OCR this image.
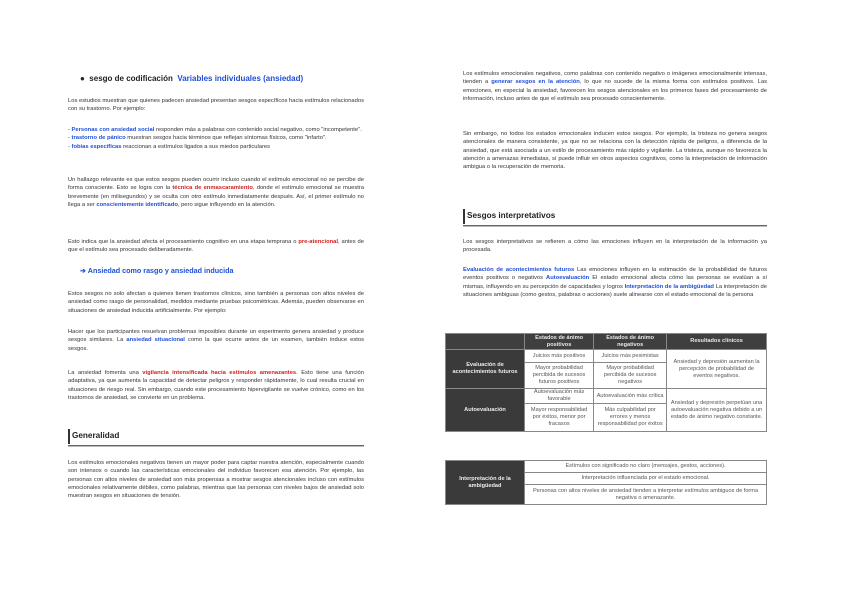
● sesgo de codificación Variables individuales (ansiedad)

Los estudios muestran que quienes padecen ansiedad presentan sesgos específicos hacia estímulos relacionados con su trastorno. Por ejemplo:

- Personas con ansiedad social responden más a palabras con contenido social negativo, como "incompetente".

- trastorno de pánico muestran sesgos hacia términos que reflejan síntomas físicos, como "infarto".

- fobias específicas reaccionan a estímulos ligados a sus miedos particulares

Un hallazgo relevante es que estos sesgos pueden ocurrir incluso cuando el estímulo emocional no se percibe de forma consciente. Esto se logra con la técnica de enmascaramiento, donde el estímulo emocional se muestra brevemente (en milisegundos) y se oculta con otro estímulo inmediatamente después. Así, el primer estímulo no llega a ser conscientemente identificado, pero sigue influyendo en la atención.

Esto indica que la ansiedad afecta el procesamiento cognitivo en una etapa temprana o pre-atencional, antes de que el estímulo sea procesado deliberadamente.

➔ Ansiedad como rasgo y ansiedad inducida

Estos sesgos no solo afectan a quienes tienen trastornos clínicos, sino también a personas con altos niveles de ansiedad como rasgo de personalidad, medidos mediante pruebas psicométricas. Además, pueden observarse en situaciones de ansiedad inducida artificialmente. Por ejemplo:

Hacer que los participantes resuelvan problemas imposibles durante un experimento genera ansiedad y produce sesgos similares. La ansiedad situacional como la que ocurre antes de un examen, también induce estos sesgos.

La ansiedad fomenta una vigilancia intensificada hacia estímulos amenazantes. Esto tiene una función adaptativa, ya que aumenta la capacidad de detectar peligros y responder rápidamente, lo cual resulta crucial en situaciones de riesgo real. Sin embargo, cuando este procesamiento hipervigilante se vuelve crónico, como en los trastornos de ansiedad, se convierte en un problema.

Generalidad

Los estímulos emocionales negativos tienen un mayor poder para captar nuestra atención, especialmente cuando son intensos o cuando las características emocionales del individuo favorecen esa atención. Por ejemplo, las personas con altos niveles de ansiedad son más propensas a mostrar sesgos atencionales incluso con estímulos emocionales relativamente débiles, como palabras, mientras que las personas con niveles bajos de ansiedad solo muestran sesgos en situaciones de tensión.

Los estímulos emocionales negativos, como palabras con contenido negativo o imágenes emocionalmente intensas, tienden a generar sesgos en la atención, lo que no sucede de la misma forma con estímulos positivos. Las emociones, en especial la ansiedad, favorecen los sesgos atencionales en los primeros fases del procesamiento de información, incluso antes de que el estímulo sea procesado conscientemente.

Sin embargo, no todos los estados emocionales inducen estos sesgos. Por ejemplo, la tristeza no genera sesgos atencionales de manera consistente, ya que no se relaciona con la detección rápida de peligros, a diferencia de la ansiedad, que está asociada a un estilo de procesamiento más rápido y vigilante. La tristeza, aunque no favorezca la atención a amenazas inmediatas, sí puede influir en otros aspectos cognitivos, como la interpretación de información ambigua o la recuperación de memoria.

Sesgos interpretativos

Los sesgos interpretativos se refieren a cómo las emociones influyen en la interpretación de la información ya procesada.

Evaluación de acontecimientos futuros Las emociones influyen en la estimación de la probabilidad de futuros eventos positivos o negativos Autoevaluación El estado emocional afecta cómo las personas se evalúan a sí mismas, influyendo en su percepción de capacidades y logros Interpretación de la ambigüedad La interpretación de situaciones ambiguas (como gestos, palabras o acciones) suele alinearse con el estado emocional de la persona

	Estados de ánimo positivos	Estados de ánimo negativos	Resultados clínicos
Evaluación de acontecimientos futuros	Juicios más positivos	Juicios más pesimistas	Ansiedad y depresión aumentan la percepción de probabilidad de eventos negativos.
	Mayor probabilidad percibida de sucesos futuros positivos	Mayor probabilidad percibida de sucesos negativos	
Autoevaluación	Autoevaluación más favorable	Autoevaluación más crítica	Ansiedad y depresión perpetúan una autoevaluación negativa debido a un estado de ánimo negativo constante.
	Mayor responsabilidad por éxitos, menor por fracasos	Más culpabilidad por errores y menos responsabilidad por éxitos	
Interpretación de la ambigüedad	Estímulos con significado no claro (mensajes, gestos, acciones).
Interpretación influenciada por el estado emocional.
Personas con altos niveles de ansiedad tienden a interpretar estímulos ambiguos de forma negativa o amenazante.
